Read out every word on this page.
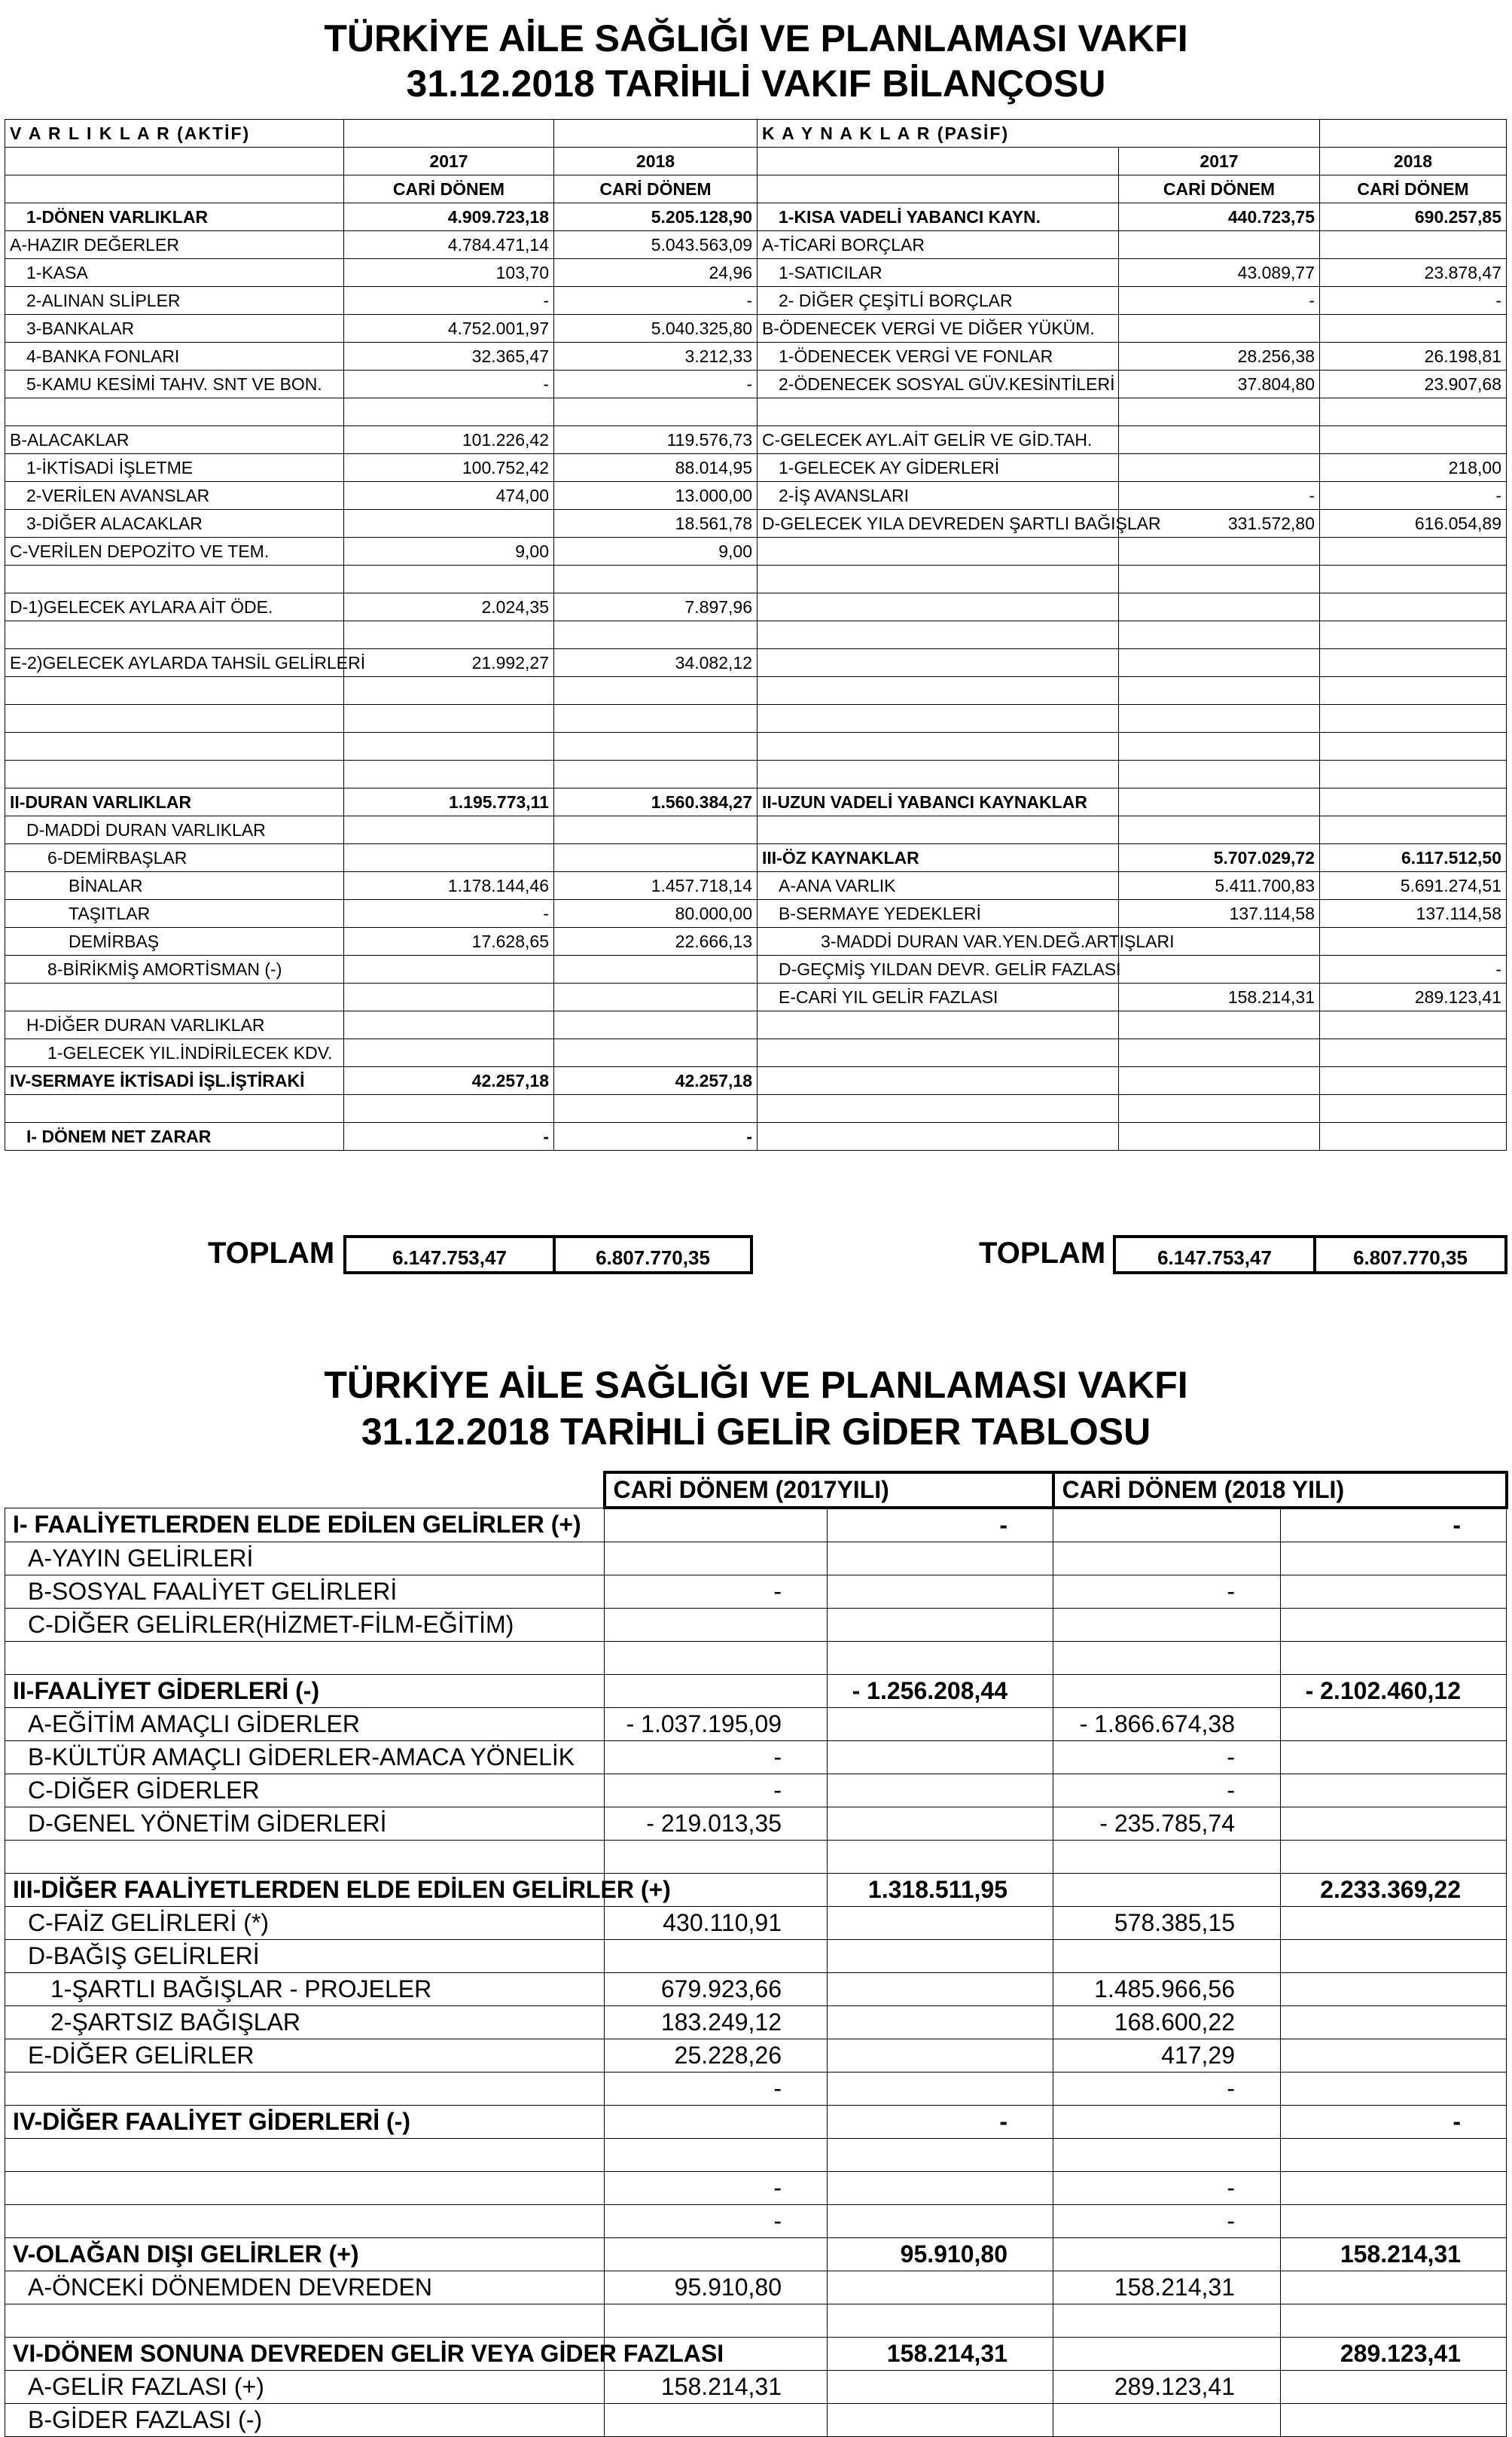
TÜRKİYE AİLE SAĞLIĞI VE PLANLAMASI VAKFI
31.12.2018 TARİHLİ VAKIF BİLANÇOSU
V A R L I K L A R (AKTİF)			K A Y N A K L A R (PASİF)		
	2017	2018		2017	2018
	CARİ DÖNEM	CARİ DÖNEM		CARİ DÖNEM	CARİ DÖNEM
1-DÖNEN VARLIKLAR	4.909.723,18	5.205.128,90	1-KISA VADELİ YABANCI KAYN.	440.723,75	690.257,85
A-HAZIR DEĞERLER	4.784.471,14	5.043.563,09	A-TİCARİ BORÇLAR		
1-KASA	103,70	24,96	1-SATICILAR	43.089,77	23.878,47
2-ALINAN SLİPLER	-	-	2- DİĞER ÇEŞİTLİ BORÇLAR	-	-
3-BANKALAR	4.752.001,97	5.040.325,80	B-ÖDENECEK VERGİ VE DİĞER YÜKÜM.		
4-BANKA FONLARI	32.365,47	3.212,33	1-ÖDENECEK VERGİ VE FONLAR	28.256,38	26.198,81
5-KAMU KESİMİ TAHV. SNT VE BON.	-	-	2-ÖDENECEK SOSYAL GÜV.KESİNTİLERİ	37.804,80	23.907,68

B-ALACAKLAR	101.226,42	119.576,73	C-GELECEK AYL.AİT GELİR VE GİD.TAH.		
1-İKTİSADİ İŞLETME	100.752,42	88.014,95	1-GELECEK AY GİDERLERİ		218,00
2-VERİLEN AVANSLAR	474,00	13.000,00	2-İŞ AVANSLARI	-	-
3-DİĞER ALACAKLAR		18.561,78	D-GELECEK YILA DEVREDEN ŞARTLI BAĞIŞLAR	331.572,80	616.054,89
C-VERİLEN DEPOZİTO VE TEM.	9,00	9,00			

D-1)GELECEK AYLARA AİT ÖDE.	2.024,35	7.897,96			

E-2)GELECEK AYLARDA TAHSİL GELİRLERİ	21.992,27	34.082,12			

II-DURAN VARLIKLAR	1.195.773,11	1.560.384,27	II-UZUN VADELİ YABANCI KAYNAKLAR		
D-MADDİ DURAN VARLIKLAR					
6-DEMİRBAŞLAR			III-ÖZ KAYNAKLAR	5.707.029,72	6.117.512,50
BİNALAR	1.178.144,46	1.457.718,14	A-ANA VARLIK	5.411.700,83	5.691.274,51
TAŞITLAR	-	80.000,00	B-SERMAYE YEDEKLERİ	137.114,58	137.114,58
DEMİRBAŞ	17.628,65	22.666,13	3-MADDİ DURAN VAR.YEN.DEĞ.ARTIŞLARI		
8-BİRİKMİŞ AMORTİSMAN (-)			D-GEÇMİŞ YILDAN DEVR. GELİR FAZLASI		-
			E-CARİ YIL GELİR FAZLASI	158.214,31	289.123,41
H-DİĞER DURAN VARLIKLAR					
1-GELECEK YIL.İNDİRİLECEK KDV.					
IV-SERMAYE İKTİSADİ İŞL.İŞTİRAKİ	42.257,18	42.257,18			

I- DÖNEM NET ZARAR	-	-			
TOPLAM	6.147.753,47	6.807.770,35	TOPLAM	6.147.753,47	6.807.770,35
TÜRKİYE AİLE SAĞLIĞI VE PLANLAMASI VAKFI
31.12.2018 TARİHLİ GELİR GİDER TABLOSU
	CARİ DÖNEM (2017YILI)		CARİ DÖNEM (2018 YILI)	
I- FAALİYETLERDEN ELDE EDİLEN GELİRLER (+)		-		-
A-YAYIN GELİRLERİ				
B-SOSYAL FAALİYET GELİRLERİ	-		-	
C-DİĞER GELİRLER(HİZMET-FİLM-EĞİTİM)				

II-FAALİYET GİDERLERİ (-)		- 1.256.208,44		- 2.102.460,12
A-EĞİTİM AMAÇLI GİDERLER	- 1.037.195,09		- 1.866.674,38	
B-KÜLTÜR AMAÇLI GİDERLER-AMACA YÖNELİK	-		-	
C-DİĞER GİDERLER	-		-	
D-GENEL YÖNETİM GİDERLERİ	- 219.013,35		- 235.785,74	

III-DİĞER FAALİYETLERDEN ELDE EDİLEN GELİRLER (+)		1.318.511,95		2.233.369,22
C-FAİZ GELİRLERİ (*)	430.110,91		578.385,15	
D-BAĞIŞ GELİRLERİ				
1-ŞARTLI BAĞIŞLAR - PROJELER	679.923,66		1.485.966,56	
2-ŞARTSIZ BAĞIŞLAR	183.249,12		168.600,22	
E-DİĞER GELİRLER	25.228,26		417,29	
	-		-	
IV-DİĞER FAALİYET GİDERLERİ (-)		-		-

	-		-	
	-		-	
V-OLAĞAN DIŞI GELİRLER (+)		95.910,80		158.214,31
A-ÖNCEKİ DÖNEMDEN DEVREDEN	95.910,80		158.214,31	

VI-DÖNEM SONUNA DEVREDEN GELİR VEYA GİDER FAZLASI		158.214,31		289.123,41
A-GELİR FAZLASI (+)	158.214,31		289.123,41	
B-GİDER FAZLASI (-)				
